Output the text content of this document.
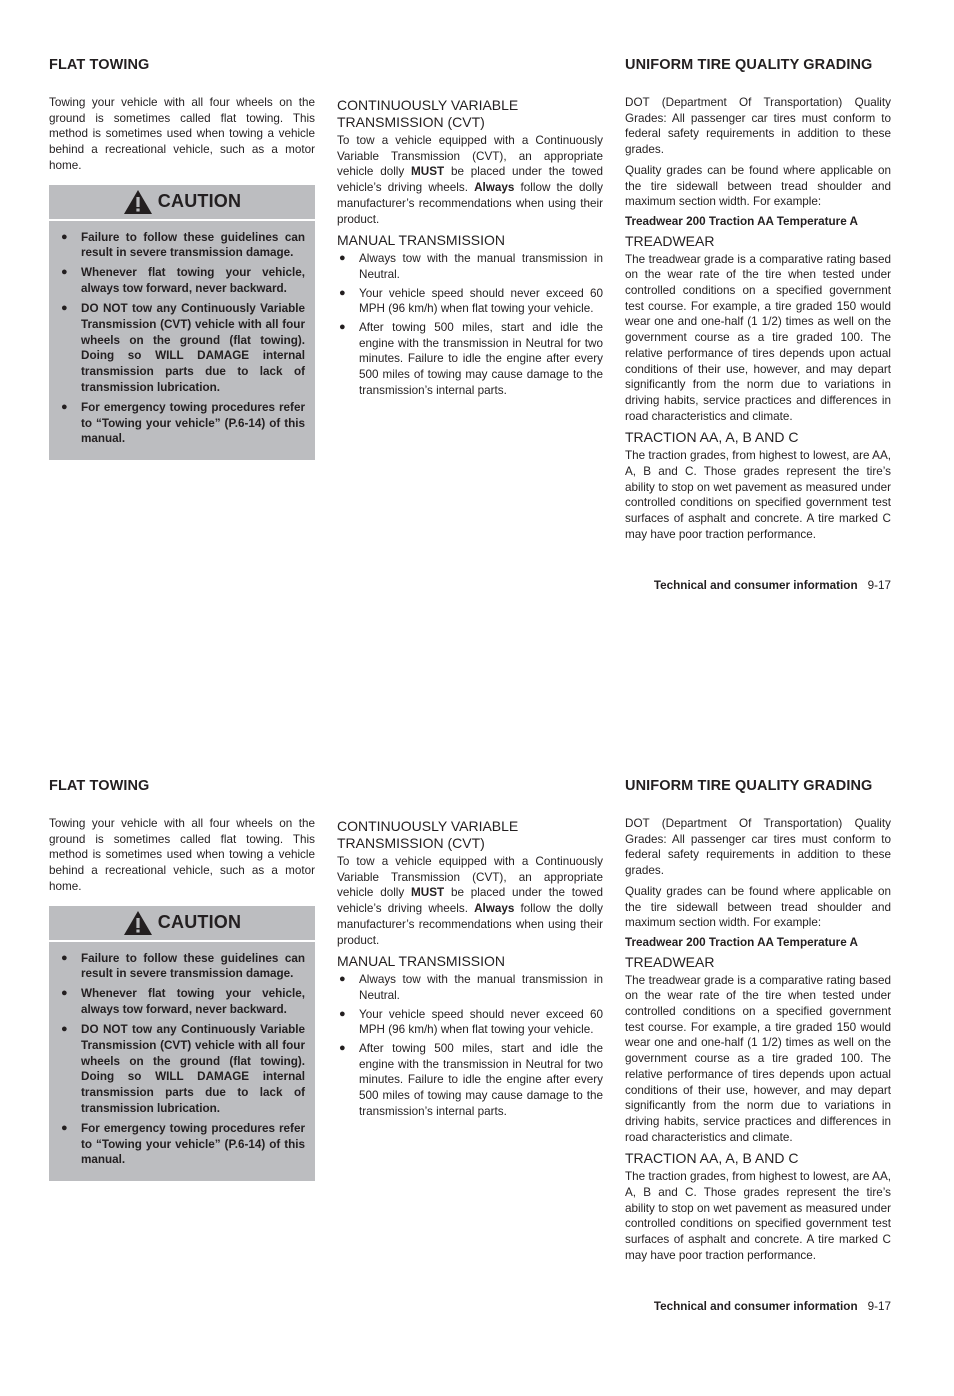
FLAT TOWING	UNIFORM TIRE QUALITY GRADING

Towing your vehicle with all four wheels on the ground is sometimes called flat towing. This method is sometimes used when towing a vehicle behind a recreational vehicle, such as a motor home.

CAUTION
● Failure to follow these guidelines can result in severe transmission damage.
● Whenever flat towing your vehicle, always tow forward, never backward.
● DO NOT tow any Continuously Variable Transmission (CVT) vehicle with all four wheels on the ground (flat towing). Doing so WILL DAMAGE internal transmission parts due to lack of transmission lubrication.
● For emergency towing procedures refer to “Towing your vehicle” (P.6-14) of this manual.
CONTINUOUSLY VARIABLE TRANSMISSION (CVT)

To tow a vehicle equipped with a Continuously Variable Transmission (CVT), an appropriate vehicle dolly MUST be placed under the towed vehicle’s driving wheels. Always follow the dolly manufacturer’s recommendations when using their product.

MANUAL TRANSMISSION
● Always tow with the manual transmission in Neutral.
● Your vehicle speed should never exceed 60 MPH (96 km/h) when flat towing your vehicle.
● After towing 500 miles, start and idle the engine with the transmission in Neutral for two minutes. Failure to idle the engine after every 500 miles of towing may cause damage to the transmission’s internal parts.

DOT (Department Of Transportation) Quality Grades: All passenger car tires must conform to federal safety requirements in addition to these grades.

Quality grades can be found where applicable on the tire sidewall between tread shoulder and maximum section width. For example:

Treadwear 200 Traction AA Temperature A
TREADWEAR

The treadwear grade is a comparative rating based on the wear rate of the tire when tested under controlled conditions on a specified government test course. For example, a tire graded 150 would wear one and one-half (1 1/2) times as well on the government course as a tire graded 100. The relative performance of tires depends upon actual conditions of their use, however, and may depart significantly from the norm due to variations in driving habits, service practices and differences in road characteristics and climate.

TRACTION AA, A, B AND C

The traction grades, from highest to lowest, are AA, A, B and C. Those grades represent the tire’s ability to stop on wet pavement as measured under controlled conditions on specified government test surfaces of asphalt and concrete. A tire marked C may have poor traction performance.

Technical and consumer information 9-17
FLAT TOWING	UNIFORM TIRE QUALITY GRADING

Towing your vehicle with all four wheels on the ground is sometimes called flat towing. This method is sometimes used when towing a vehicle behind a recreational vehicle, such as a motor home.

CAUTION
● Failure to follow these guidelines can result in severe transmission damage.
● Whenever flat towing your vehicle, always tow forward, never backward.
● DO NOT tow any Continuously Variable Transmission (CVT) vehicle with all four wheels on the ground (flat towing). Doing so WILL DAMAGE internal transmission parts due to lack of transmission lubrication.
● For emergency towing procedures refer to “Towing your vehicle” (P.6-14) of this manual.
CONTINUOUSLY VARIABLE TRANSMISSION (CVT)

To tow a vehicle equipped with a Continuously Variable Transmission (CVT), an appropriate vehicle dolly MUST be placed under the towed vehicle’s driving wheels. Always follow the dolly manufacturer’s recommendations when using their product.

MANUAL TRANSMISSION
● Always tow with the manual transmission in Neutral.
● Your vehicle speed should never exceed 60 MPH (96 km/h) when flat towing your vehicle.
● After towing 500 miles, start and idle the engine with the transmission in Neutral for two minutes. Failure to idle the engine after every 500 miles of towing may cause damage to the transmission’s internal parts.

DOT (Department Of Transportation) Quality Grades: All passenger car tires must conform to federal safety requirements in addition to these grades.

Quality grades can be found where applicable on the tire sidewall between tread shoulder and maximum section width. For example:

Treadwear 200 Traction AA Temperature A
TREADWEAR

The treadwear grade is a comparative rating based on the wear rate of the tire when tested under controlled conditions on a specified government test course. For example, a tire graded 150 would wear one and one-half (1 1/2) times as well on the government course as a tire graded 100. The relative performance of tires depends upon actual conditions of their use, however, and may depart significantly from the norm due to variations in driving habits, service practices and differences in road characteristics and climate.

TRACTION AA, A, B AND C

The traction grades, from highest to lowest, are AA, A, B and C. Those grades represent the tire’s ability to stop on wet pavement as measured under controlled conditions on specified government test surfaces of asphalt and concrete. A tire marked C may have poor traction performance.

Technical and consumer information 9-17
